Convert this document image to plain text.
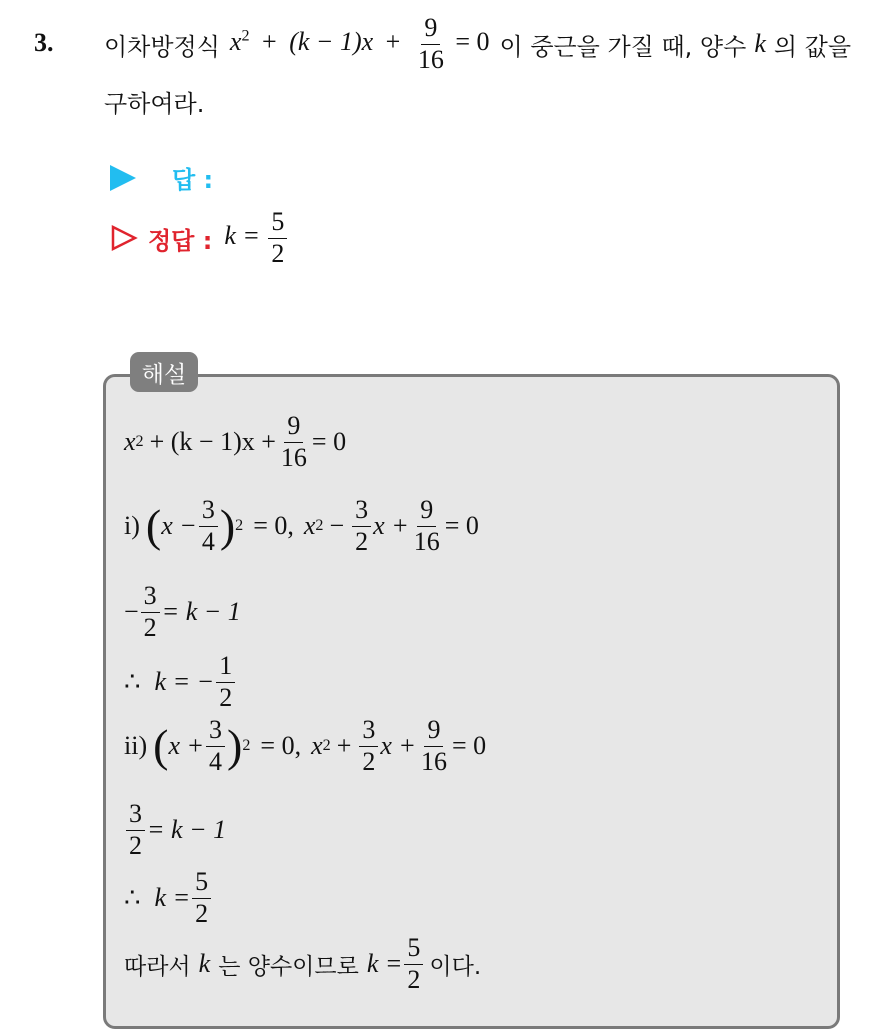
3. 이차방정식 $x^2 + (k - 1)x + \frac{9}{16} = 0$ 이 중근을 가질 때, 양수 k 의 값을
구하여라.
답 :
정답 : $k = \frac{5}{2}$
해설
x $2 + (k - 1)x + \frac{9}{16} = 0$
i) ( $x - \frac{3}{4}$ ) 2 = 0, x $2 - \frac{3}{2}$ $x + \frac{9}{16} = 0$
− $\frac{3}{2} = k - 1$
∴ k = − $\frac{1}{2}$
ii) ( $x + \frac{3}{4}$ ) 2 = 0, x $2 + \frac{3}{2}$ $x + \frac{9}{16} = 0$
$\frac{3}{2} = k - 1$
∴ $k = \frac{5}{2}$
따라서 k 는 양수이므로 $k = \frac{5}{2}$ 이다.
